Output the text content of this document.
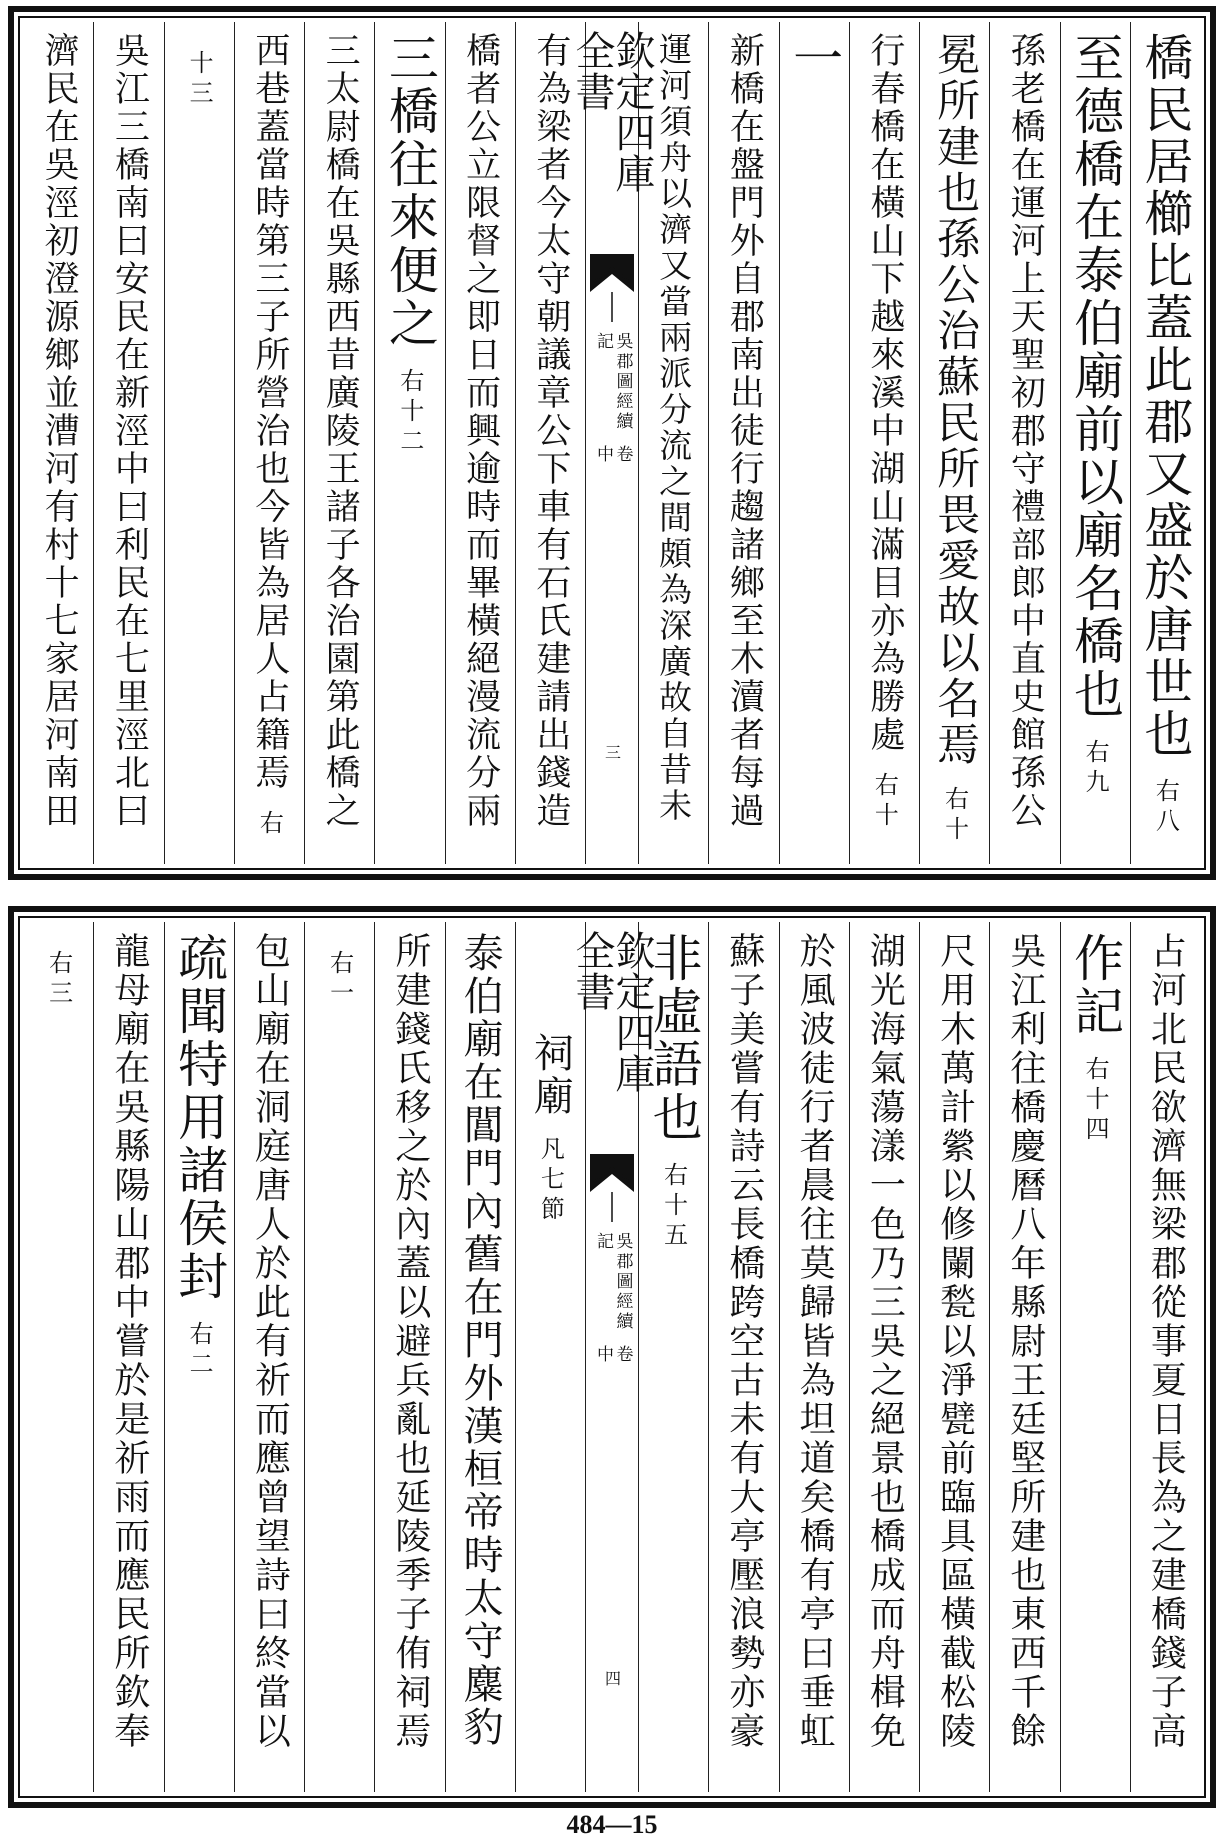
橋民居櫛比蓋此郡又盛於唐世也
右八
至德橋在泰伯廟前以廟名橋也
右九
孫老橋在運河上天聖初郡守禮部郎中直史館孫公
冕所建也孫公治蘇民所畏愛故以名焉
右十
行春橋在橫山下越來溪中湖山滿目亦為勝處
右十
一
新橋在盤門外自郡南出徒行趨諸鄉至木瀆者每過
運河須舟以濟又當兩派分流之間頗為深廣故自昔未
欽定四庫全書
吳郡圖經續記
卷中
三
有為梁者今太守朝議章公下車有石氏建請出錢造
橋者公立限督之即日而興逾時而畢橫絕漫流分兩
三橋往來便之
右十二
三太尉橋在吳縣西昔廣陵王諸子各治園第此橋之
西巷蓋當時第三子所營治也今皆為居人占籍焉
右
十三
吳江三橋南曰安民在新涇中曰利民在七里涇北曰
濟民在吳涇初澄源鄉並漕河有村十七家居河南田
占河北民欲濟無梁郡從事夏日長為之建橋錢子高
作記
右十四
吳江利往橋慶曆八年縣尉王廷堅所建也東西千餘
尺用木萬計縈以修闌甃以淨甓前臨具區橫截松陵
湖光海氣蕩漾一色乃三吳之絕景也橋成而舟楫免
於風波徒行者晨往莫歸皆為坦道矣橋有亭曰垂虹
蘇子美嘗有詩云長橋跨空古未有大亭壓浪勢亦豪
非虛語也
右十五
欽定四庫全書
吳郡圖經續記
卷中
四
祠廟
凡七節
泰伯廟在閶門內舊在門外漢桓帝時太守麋豹
所建錢氏移之於內蓋以避兵亂也延陵季子侑祠焉
右一
包山廟在洞庭唐人於此有祈而應曾望詩曰終當以
疏聞特用諸侯封
右二
龍母廟在吳縣陽山郡中嘗於是祈雨而應民所欽奉
右三
484—15
